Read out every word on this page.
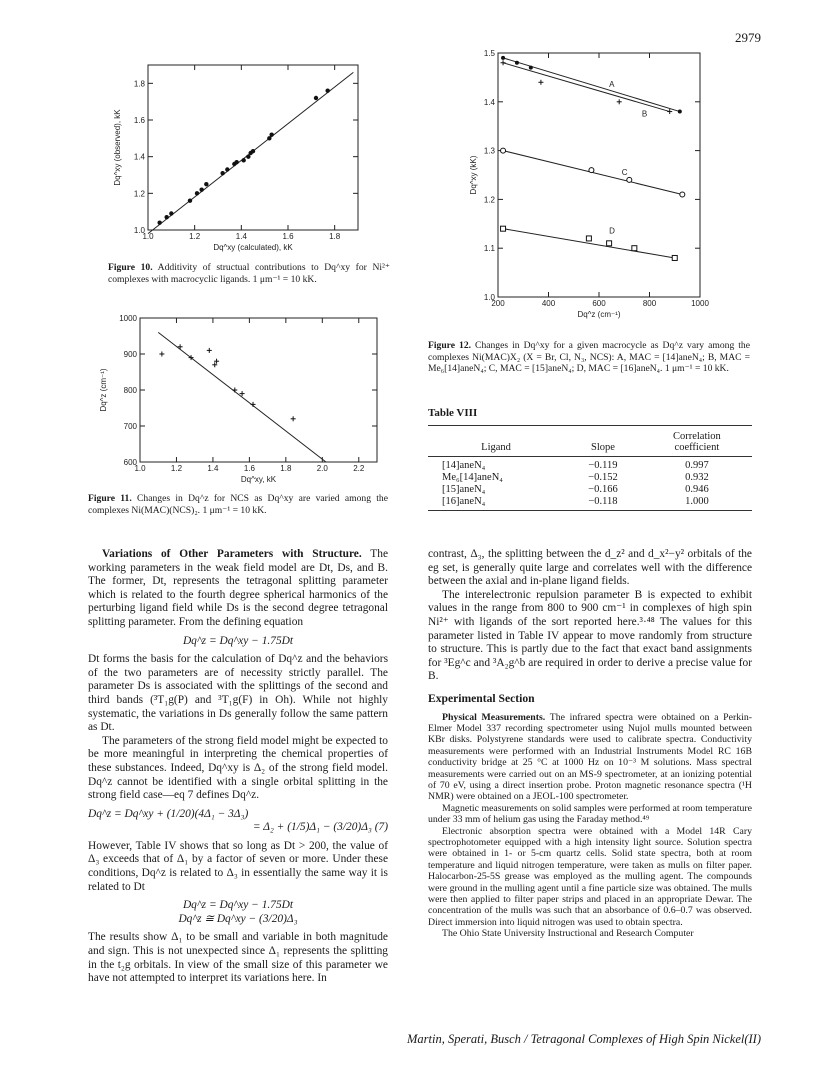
2979
1.0	1.2	1.4	1.6	1.8
1.0
1.2
1.4
1.6
1.8
Dq^xy (calculated), kK
Dq^xy (observed), kK
Figure 10. Additivity of structual contributions to Dq^xy for Ni²⁺ complexes with macrocyclic ligands. 1 μm⁻¹ = 10 kK.
1.0	1.2	1.4	1.6	1.8	2.0	2.2
600
700
800
900
1000
Dq^xy, kK
Dq^z (cm⁻¹)
Figure 11. Changes in Dq^z for NCS as Dq^xy are varied among the complexes Ni(MAC)(NCS)₂. 1 μm⁻¹ = 10 kK.
200	400	600	800	1000
1.0
1.1
1.2
1.3
1.4
1.5
Dq^z (cm⁻¹)
Dq^xy (kK)
A
B
C
D
Figure 12. Changes in Dq^xy for a given macrocycle as Dq^z vary among the complexes Ni(MAC)X₂ (X = Br, Cl, N₃, NCS): A, MAC = [14]aneN₄; B, MAC = Me₆[14]aneN₄; C, MAC = [15]aneN₄; D, MAC = [16]aneN₄. 1 μm⁻¹ = 10 kK.
Table VIII
Ligand	Slope	Correlation coefficient
[14]aneN₄	−0.119	0.997
Me₆[14]aneN₄	−0.152	0.932
[15]aneN₄	−0.166	0.946
[16]aneN₄	−0.118	1.000

Variations of Other Parameters with Structure. The working parameters in the weak field model are Dt, Ds, and B. The former, Dt, represents the tetragonal splitting parameter which is related to the fourth degree spherical harmonics of the perturbing ligand field while Ds is the second degree tetragonal splitting parameter. From the defining equation

Dq^z = Dq^xy − 1.75Dt

Dt forms the basis for the calculation of Dq^z and the behaviors of the two parameters are of necessity strictly parallel. The parameter Ds is associated with the splittings of the second and third bands (³T₁g(P) and ³T₁g(F) in Oh). While not highly systematic, the variations in Ds generally follow the same pattern as Dt.

The parameters of the strong field model might be expected to be more meaningful in interpreting the chemical properties of these substances. Indeed, Dq^xy is Δ₂ of the strong field model. Dq^z cannot be identified with a single orbital splitting in the strong field case—eq 7 defines Dq^z.

Dq^z = Dq^xy + (1/20)(4Δ₁ − 3Δ₃)
= Δ₂ + (1/5)Δ₁ − (3/20)Δ₃ (7)

However, Table IV shows that so long as Dt > 200, the value of Δ₃ exceeds that of Δ₁ by a factor of seven or more. Under these conditions, Dq^z is related to Δ₃ in essentially the same way it is related to Dt

Dq^z = Dq^xy − 1.75Dt
Dq^z ≅ Dq^xy − (3/20)Δ₃

The results show Δ₁ to be small and variable in both magnitude and sign. This is not unexpected since Δ₁ represents the splitting in the t₂g orbitals. In view of the small size of this parameter we have not attempted to interpret its variations here. In

contrast, Δ₃, the splitting between the d_z² and d_x²−y² orbitals of the eg set, is generally quite large and correlates well with the difference between the axial and in-plane ligand fields.

The interelectronic repulsion parameter B is expected to exhibit values in the range from 800 to 900 cm⁻¹ in complexes of high spin Ni²⁺ with ligands of the sort reported here.³·⁴⁸ The values for this parameter listed in Table IV appear to move randomly from structure to structure. This is partly due to the fact that exact band assignments for ³Eg^c and ³A₂g^b are required in order to derive a precise value for B.

Experimental Section

Physical Measurements. The infrared spectra were obtained on a Perkin-Elmer Model 337 recording spectrometer using Nujol mulls mounted between KBr disks. Polystyrene standards were used to calibrate spectra. Conductivity measurements were performed with an Industrial Instruments Model RC 16B conductivity bridge at 25 °C at 1000 Hz on 10⁻³ M solutions. Mass spectral measurements were carried out on an MS-9 spectrometer, at an ionizing potential of 70 eV, using a direct insertion probe. Proton magnetic resonance spectra (¹H NMR) were obtained on a JEOL-100 spectrometer.

Magnetic measurements on solid samples were performed at room temperature under 33 mm of helium gas using the Faraday method.⁴⁹

Electronic absorption spectra were obtained with a Model 14R Cary spectrophotometer equipped with a high intensity light source. Solution spectra were obtained in 1- or 5-cm quartz cells. Solid state spectra, both at room temperature and liquid nitrogen temperature, were taken as mulls on filter paper. Halocarbon-25-5S grease was employed as the mulling agent. The compounds were ground in the mulling agent until a fine particle size was obtained. The mulls were then applied to filter paper strips and placed in an appropriate Dewar. The concentration of the mulls was such that an absorbance of 0.6–0.7 was observed. Direct immersion into liquid nitrogen was used to obtain spectra.

The Ohio State University Instructional and Research Computer

Martin, Sperati, Busch / Tetragonal Complexes of High Spin Nickel(II)
